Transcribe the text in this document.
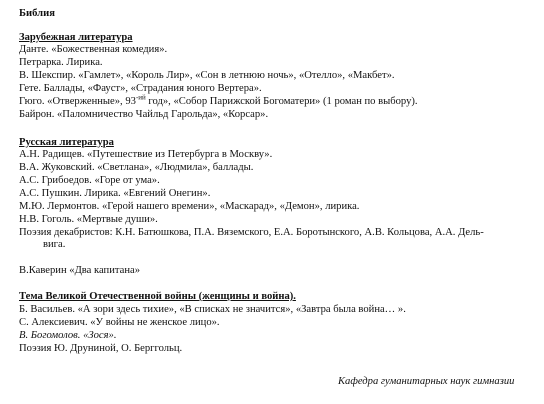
Библия
Зарубежная литература
Данте. «Божественная комедия».
Петрарка. Лирика.
В. Шекспир. «Гамлет», «Король Лир», «Сон в летнюю ночь», «Отелло», «Макбет».
Гете. Баллады, «Фауст», «Страдания юного Вертера».
Гюго. «Отверженные», $93^{-ий}$ год», «Собор Парижской Богоматери» (1 роман по выбору).
Байрон. «Паломничество Чайльд Гарольда», «Корсар».
Русская литература
А.Н. Радищев. «Путешествие из Петербурга в Москву».
В.А. Жуковский. «Светлана», «Людмила», баллады.
А.С. Грибоедов. «Горе от ума».
А.С. Пушкин. Лирика. «Евгений Онегин».
М.Ю. Лермонтов. «Герой нашего времени», «Маскарад», «Демон», лирика.
Н.В. Гоголь. «Мертвые души».
Поэзия декабристов: К.Н. Батюшкова, П.А. Вяземского, Е.А. Боротынского, А.В. Кольцова, А.А. Дель-
вига.
В.Каверин «Два капитана»
Тема Великой Отечественной войны (женщины и война).
Б. Васильев. «А зори здесь тихие», «В списках не значится», «Завтра была война… ».
С. Алексиевич. «У войны не женское лицо».
В. Богомолов. «Зося».
Поэзия Ю. Друниной, О. Берггольц.
Кафедра гуманитарных наук гимназии
